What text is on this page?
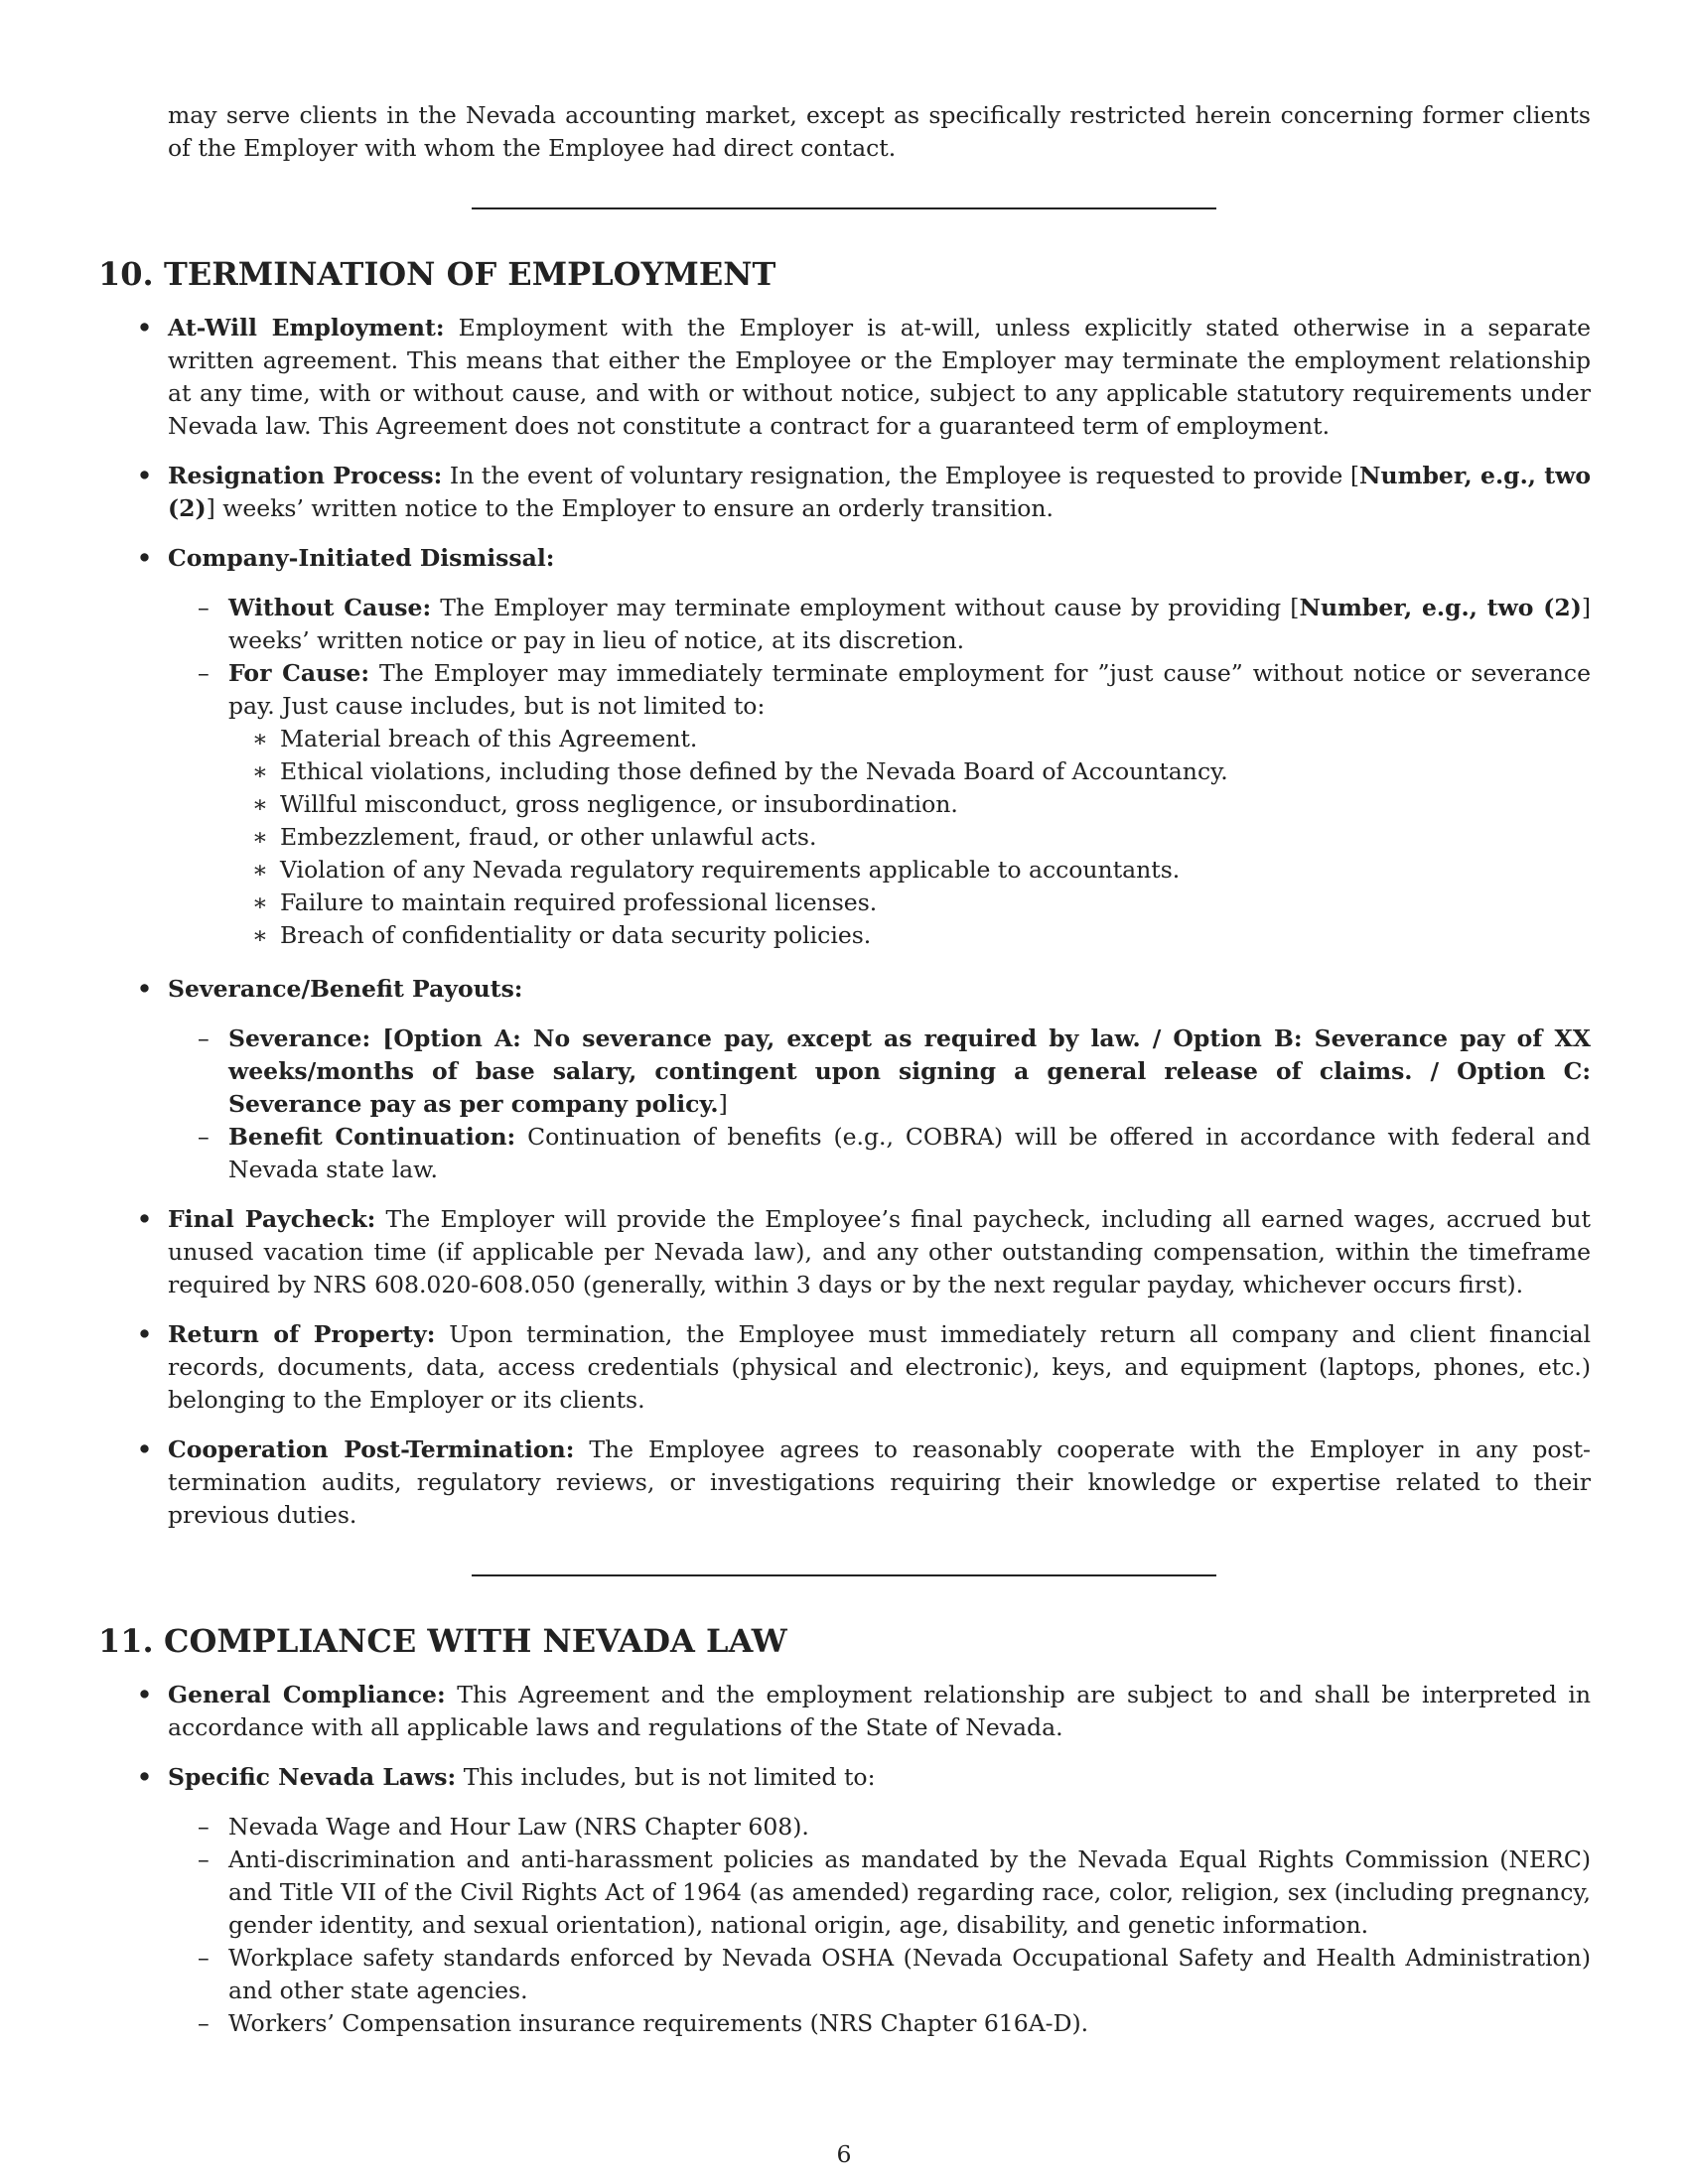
may serve clients in the Nevada accounting market, except as specifically restricted herein concerning former clients of the Employer with whom the Employee had direct contact.

10. TERMINATION OF EMPLOYMENT

• At-Will Employment: Employment with the Employer is at-will, unless explicitly stated otherwise in a separate written agreement. This means that either the Employee or the Employer may terminate the employment relationship at any time, with or without cause, and with or without notice, subject to any applicable statutory requirements under Nevada law. This Agreement does not constitute a contract for a guaranteed term of employment.

• Resignation Process: In the event of voluntary resignation, the Employee is requested to provide [Number, e.g., two (2)] weeks’ written notice to the Employer to ensure an orderly transition.

• Company-Initiated Dismissal:

– Without Cause: The Employer may terminate employment without cause by providing [Number, e.g., two (2)] weeks’ written notice or pay in lieu of notice, at its discretion.

– For Cause: The Employer may immediately terminate employment for ”just cause” without notice or severance pay. Just cause includes, but is not limited to:

∗ Material breach of this Agreement.

∗ Ethical violations, including those defined by the Nevada Board of Accountancy.

∗ Willful misconduct, gross negligence, or insubordination.

∗ Embezzlement, fraud, or other unlawful acts.

∗ Violation of any Nevada regulatory requirements applicable to accountants.

∗ Failure to maintain required professional licenses.

∗ Breach of confidentiality or data security policies.

• Severance/Benefit Payouts:

– Severance: [Option A: No severance pay, except as required by law. / Option B: Severance pay of XX weeks/months of base salary, contingent upon signing a general release of claims. / Option C: Severance pay as per company policy.]

– Benefit Continuation: Continuation of benefits (e.g., COBRA) will be offered in accordance with federal and Nevada state law.

• Final Paycheck: The Employer will provide the Employee’s final paycheck, including all earned wages, accrued but unused vacation time (if applicable per Nevada law), and any other outstanding compensation, within the timeframe required by NRS 608.020-608.050 (generally, within 3 days or by the next regular payday, whichever occurs first).

• Return of Property: Upon termination, the Employee must immediately return all company and client financial records, documents, data, access credentials (physical and electronic), keys, and equipment (laptops, phones, etc.) belonging to the Employer or its clients.

• Cooperation Post-Termination: The Employee agrees to reasonably cooperate with the Employer in any post-termination audits, regulatory reviews, or investigations requiring their knowledge or expertise related to their previous duties.

11. COMPLIANCE WITH NEVADA LAW

• General Compliance: This Agreement and the employment relationship are subject to and shall be interpreted in accordance with all applicable laws and regulations of the State of Nevada.

• Specific Nevada Laws: This includes, but is not limited to:

– Nevada Wage and Hour Law (NRS Chapter 608).

– Anti-discrimination and anti-harassment policies as mandated by the Nevada Equal Rights Commission (NERC) and Title VII of the Civil Rights Act of 1964 (as amended) regarding race, color, religion, sex (including pregnancy, gender identity, and sexual orientation), national origin, age, disability, and genetic information.

– Workplace safety standards enforced by Nevada OSHA (Nevada Occupational Safety and Health Administration) and other state agencies.

– Workers’ Compensation insurance requirements (NRS Chapter 616A-D).

6
